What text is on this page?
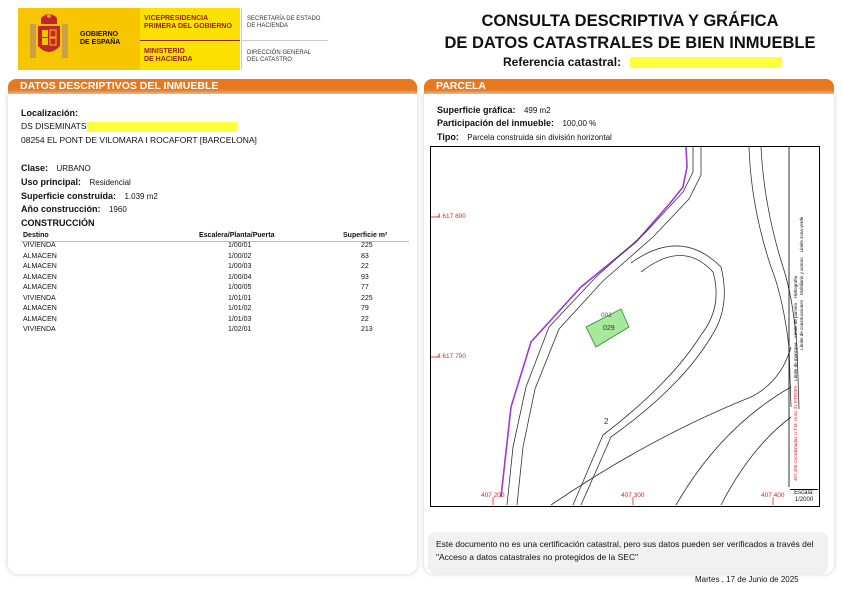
GOBIERNO
DE ESPAÑA
VICEPRESIDENCIA
PRIMERA DEL GOBIERNO
MINISTERIO
DE HACIENDA
SECRETARÍA DE ESTADO
DE HACIENDA
DIRECCIÓN GENERAL
DEL CATASTRO
CONSULTA DESCRIPTIVA Y GRÁFICA
DE DATOS CATASTRALES DE BIEN INMUEBLE
Referencia catastral:
DATOS DESCRIPTIVOS DEL INMUEBLE
Localización:
DS DISEMINATS
08254 EL PONT DE VILOMARA I ROCAFORT [BARCELONA]
Clase: URBANO
Uso principal: Residencial
Superficie construida: 1.039 m2
Año construcción: 1960
CONSTRUCCIÓN
Destino	Escalera/Planta/Puerta	Superficie m²
VIVIENDA	1/00/01	225
ALMACEN	1/00/02	83
ALMACEN	1/00/03	22
ALMACEN	1/00/04	93
ALMACEN	1/00/05	77
VIVIENDA	1/01/01	225
ALMACEN	1/01/02	79
ALMACEN	1/01/03	22
VIVIENDA	1/02/01	213
PARCELA
Superficie gráfica: 499 m2
Participación del inmueble: 100,00 %
Tipo: Parcela construida sin división horizontal
4 617 800
4 617 700
407 200	407 300	407 400
029
002
2	407,400 Coordenadas U.T.M. Huso 31 ETRS89    Límite de manzana    Límite de parcela    Hidrografía
Límite de construcciones    Mobiliario y aceras    Límite zona verde
Escala:
1/2000
Este documento no es una certificación catastral, pero sus datos pueden ser verificados a través del "Acceso a datos catastrales no protegidos de la SEC"
Martes , 17 de Junio de 2025
